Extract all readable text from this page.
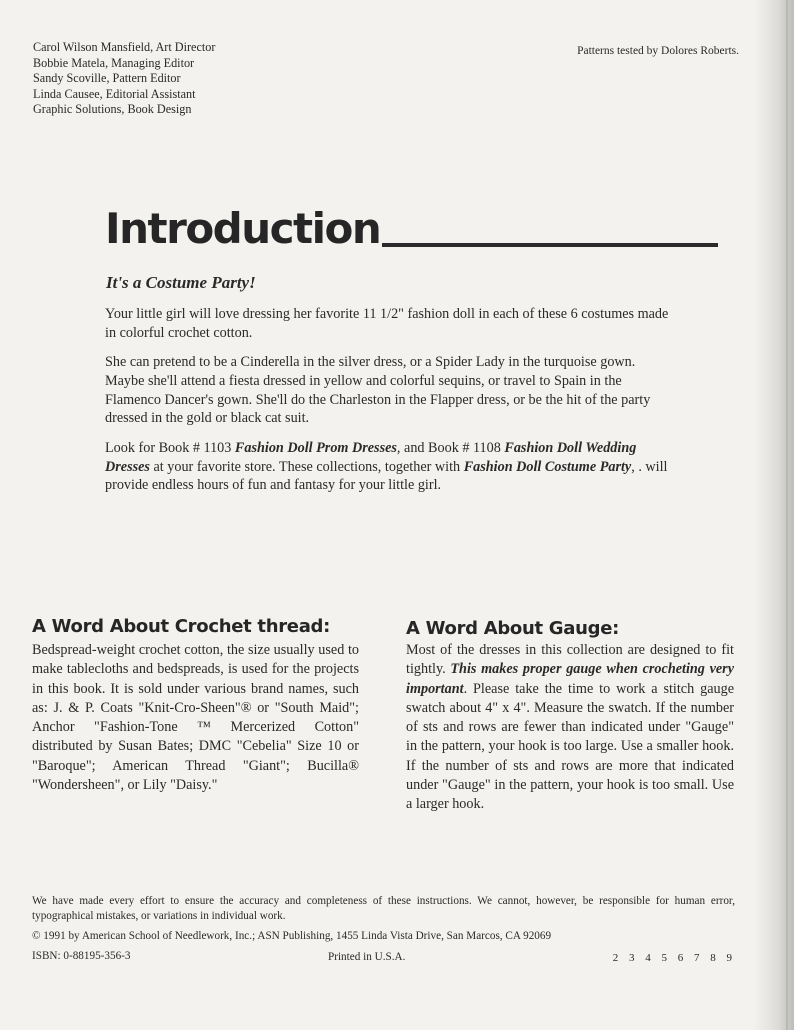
Carol Wilson Mansfield, Art Director
Bobbie Matela, Managing Editor
Sandy Scoville, Pattern Editor
Linda Causee, Editorial Assistant
Graphic Solutions, Book Design
Patterns tested by Dolores Roberts.
Introduction
It's a Costume Party!

Your little girl will love dressing her favorite 11 1/2" fashion doll in each of these 6 costumes made in colorful crochet cotton.

She can pretend to be a Cinderella in the silver dress, or a Spider Lady in the turquoise gown. Maybe she'll attend a fiesta dressed in yellow and colorful sequins, or travel to Spain in the Flamenco Dancer's gown. She'll do the Charleston in the Flapper dress, or be the hit of the party dressed in the gold or black cat suit.

Look for Book # 1103 Fashion Doll Prom Dresses, and Book # 1108 Fashion Doll Wedding Dresses at your favorite store. These collections, together with Fashion Doll Costume Party, . will provide endless hours of fun and fantasy for your little girl.

A Word About Crochet thread:

Bedspread-weight crochet cotton, the size usually used to make tablecloths and bedspreads, is used for the projects in this book. It is sold under various brand names, such as: J. & P. Coats "Knit-Cro-Sheen"® or "South Maid"; Anchor "Fashion-Tone ™ Mercerized Cotton" distributed by Susan Bates; DMC "Cebelia" Size 10 or "Baroque"; American Thread "Giant"; Bucilla® "Wondersheen", or Lily "Daisy."

A Word About Gauge:

Most of the dresses in this collection are designed to fit tightly. This makes proper gauge when crocheting very important. Please take the time to work a stitch gauge swatch about 4" x 4". Measure the swatch. If the number of sts and rows are fewer than indicated under "Gauge" in the pattern, your hook is too large. Use a smaller hook. If the number of sts and rows are more that indicated under "Gauge" in the pattern, your hook is too small. Use a larger hook.

We have made every effort to ensure the accuracy and completeness of these instructions. We cannot, however, be responsible for human error, typographical mistakes, or variations in individual work.
© 1991 by American School of Needlework, Inc.; ASN Publishing, 1455 Linda Vista Drive, San Marcos, CA 92069
ISBN: 0-88195-356-3	Printed in U.S.A.	2 3 4 5 6 7 8 9
